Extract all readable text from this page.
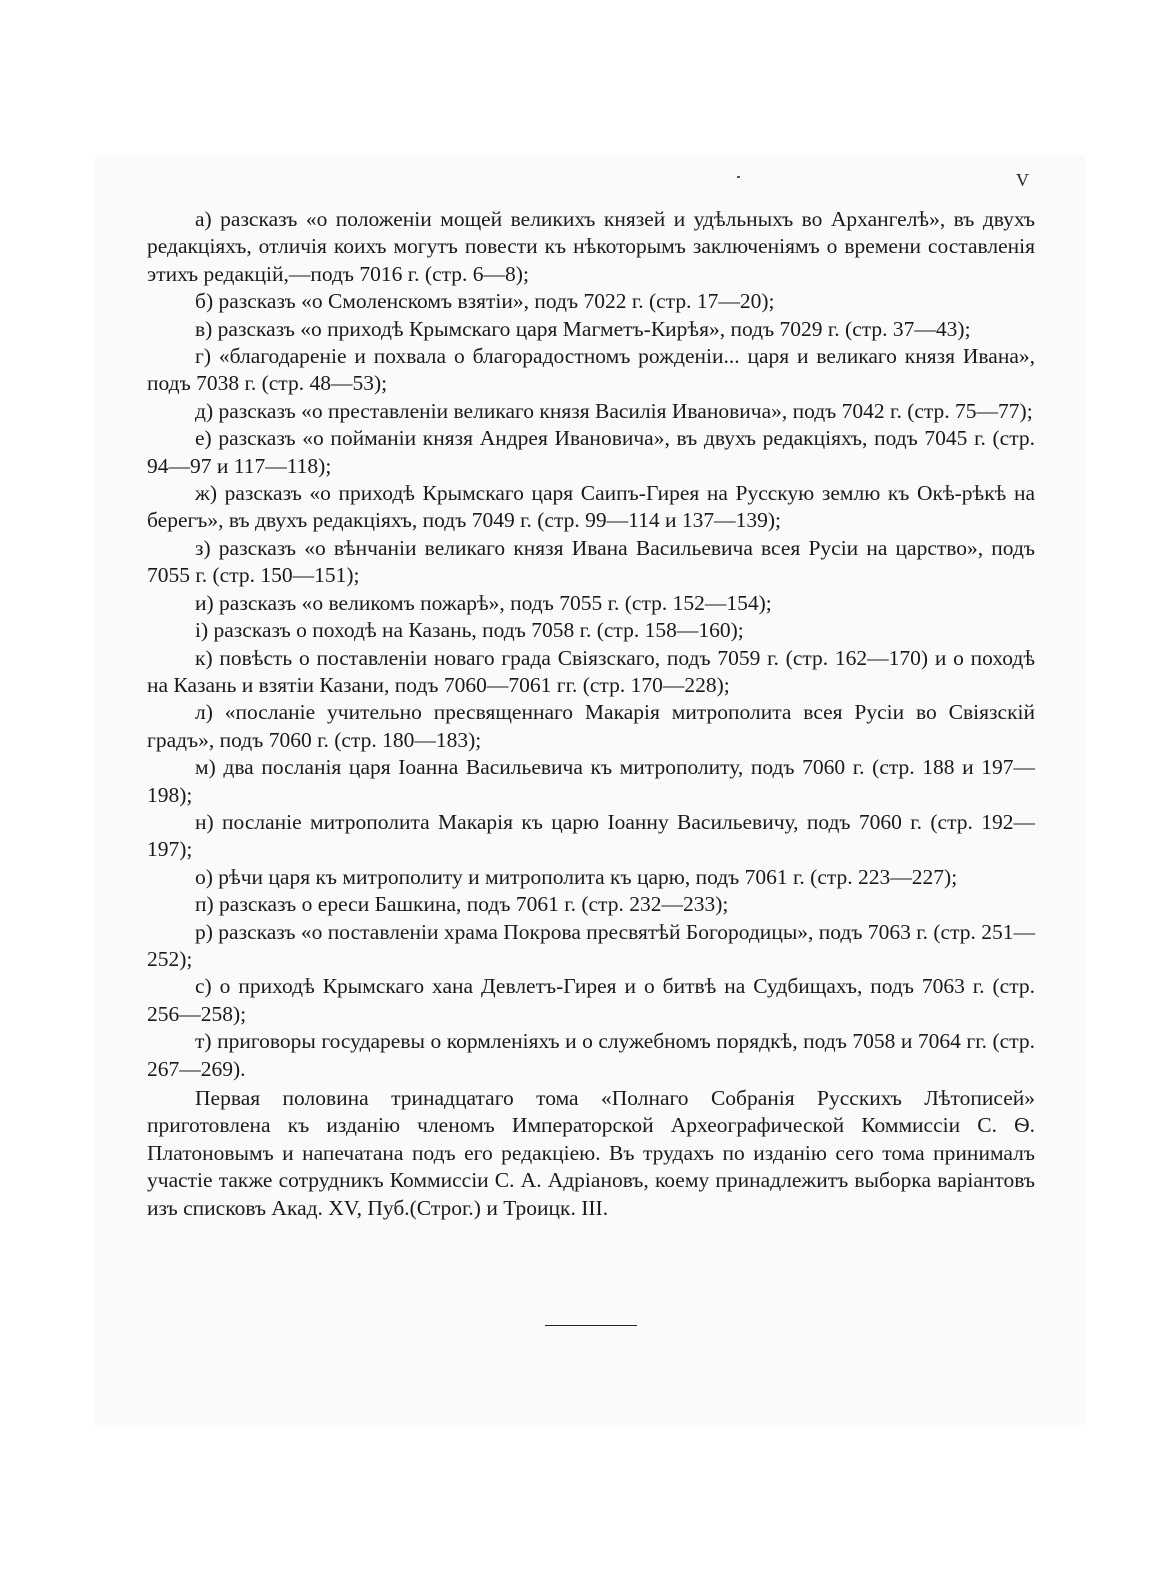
V

а) разсказъ «о положенiи мощей великихъ князей и удѣльныхъ во Архангелѣ», въ двухъ редакцiяхъ, отличiя коихъ могутъ повести къ нѣкоторымъ заключенiямъ о времени составленiя этихъ редакцiй,—подъ 7016 г. (стр. 6—8);

б) разсказъ «о Смоленскомъ взятiи», подъ 7022 г. (стр. 17—20);

в) разсказъ «о приходѣ Крымскаго царя Магметъ-Кирѣя», подъ 7029 г. (стр. 37—43);

г) «благодаренiе и похвала о благорадостномъ рожденiи... царя и великаго князя Ивана», подъ 7038 г. (стр. 48—53);

д) разсказъ «о преставленiи великаго князя Василiя Ивановича», подъ 7042 г. (стр. 75—77);

е) разсказъ «о пойманiи князя Андрея Ивановича», въ двухъ редакцiяхъ, подъ 7045 г. (стр. 94—97 и 117—118);

ж) разсказъ «о приходѣ Крымскаго царя Саипъ-Гирея на Русскую землю къ Окѣ-рѣкѣ на берегъ», въ двухъ редакцiяхъ, подъ 7049 г. (стр. 99—114 и 137—139);

з) разсказъ «о вѣнчанiи великаго князя Ивана Васильевича всея Русiи на царство», подъ 7055 г. (стр. 150—151);

и) разсказъ «о великомъ пожарѣ», подъ 7055 г. (стр. 152—154);

і) разсказъ о походѣ на Казань, подъ 7058 г. (стр. 158—160);

к) повѣсть о поставленiи новаго града Свiязскаго, подъ 7059 г. (стр. 162—170) и о походѣ на Казань и взятiи Казани, подъ 7060—7061 гг. (стр. 170—228);

л) «посланiе учительно пресвященнаго Макарiя митрополита всея Русiи во Свiязскiй градъ», подъ 7060 г. (стр. 180—183);

м) два посланiя царя Іоанна Васильевича къ митрополиту, подъ 7060 г. (стр. 188 и 197—198);

н) посланiе митрополита Макарiя къ царю Іоанну Васильевичу, подъ 7060 г. (стр. 192—197);

о) рѣчи царя къ митрополиту и митрополита къ царю, подъ 7061 г. (стр. 223—227);

п) разсказъ о ереси Башкина, подъ 7061 г. (стр. 232—233);

р) разсказъ «о поставленiи храма Покрова пресвятѣй Богородицы», подъ 7063 г. (стр. 251—252);

с) о приходѣ Крымскаго хана Девлетъ-Гирея и о битвѣ на Судбищахъ, подъ 7063 г. (стр. 256—258);

т) приговоры государевы о кормленiяхъ и о служебномъ порядкѣ, подъ 7058 и 7064 гг. (стр. 267—269).

Первая половина тринадцатаго тома «Полнаго Собранiя Русскихъ Лѣтописей» приготовлена къ изданiю членомъ Императорской Археографической Коммиссiи С. Ѳ. Платоновымъ и напечатана подъ его редакцiею. Въ трудахъ по изданiю сего тома принималъ участiе также сотрудникъ Коммиссiи С. А. Адрiановъ, коему принадлежитъ выборка варiантовъ изъ списковъ Акад. XV, Пуб.(Строг.) и Троицк. III.
